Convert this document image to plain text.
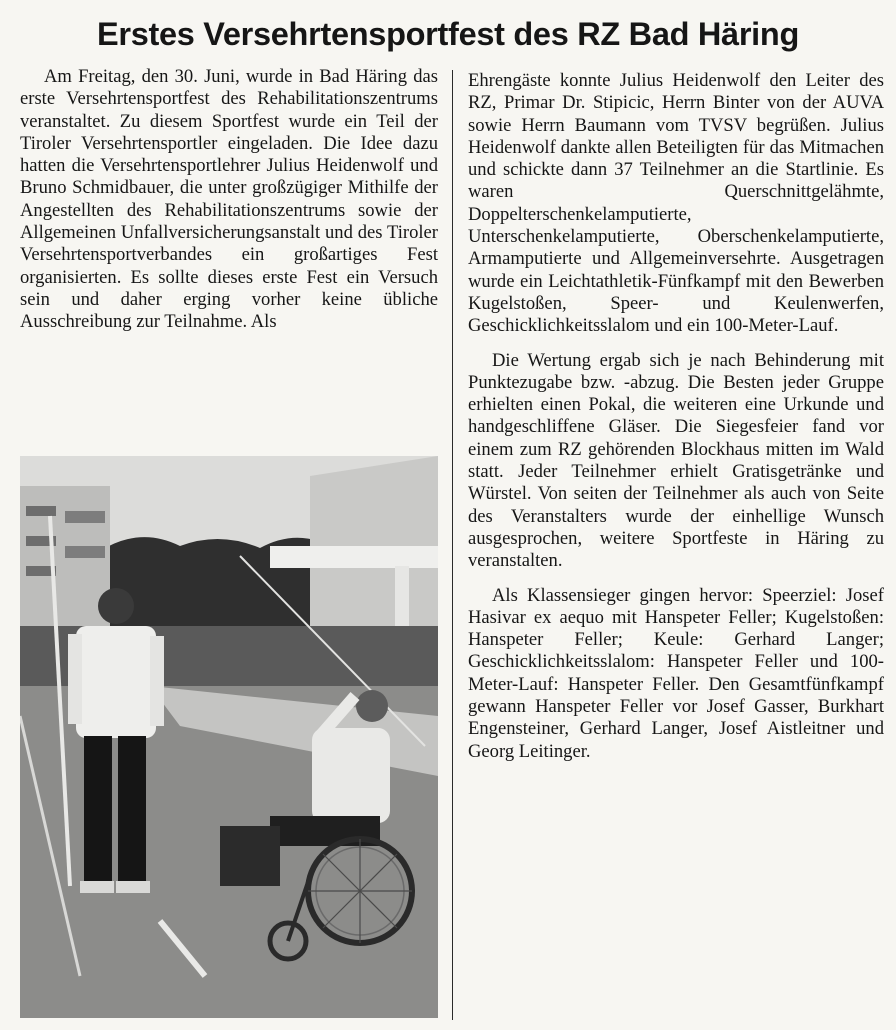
Erstes Versehrtensportfest des RZ Bad Häring

Am Freitag, den 30. Juni, wurde in Bad Häring das erste Versehrtensportfest des Rehabilitationszentrums veranstaltet. Zu diesem Sportfest wurde ein Teil der Tiroler Versehrtensportler eingeladen. Die Idee dazu hatten die Versehrtensportlehrer Julius Heidenwolf und Bruno Schmidbauer, die unter großzügiger Mithilfe der Angestellten des Rehabilitationszentrums sowie der Allgemeinen Unfallversicherungsanstalt und des Tiroler Versehrtensportverbandes ein großartiges Fest organisierten. Es sollte dieses erste Fest ein Versuch sein und daher erging vorher keine übliche Ausschreibung zur Teilnahme. Als

Ehrengäste konnte Julius Heidenwolf den Leiter des RZ, Primar Dr. Stipicic, Herrn Binter von der AUVA sowie Herrn Baumann vom TVSV begrüßen. Julius Heidenwolf dankte allen Beteiligten für das Mitmachen und schickte dann 37 Teilnehmer an die Startlinie. Es waren Querschnittgelähmte, Doppelterschenkelamputierte, Unterschenkelamputierte, Oberschenkelamputierte, Armamputierte und Allgemeinversehrte. Ausgetragen wurde ein Leichtathletik-Fünfkampf mit den Bewerben Kugelstoßen, Speer- und Keulenwerfen, Geschicklichkeitsslalom und ein 100-Meter-Lauf.

Die Wertung ergab sich je nach Behinderung mit Punktezugabe bzw. -abzug. Die Besten jeder Gruppe erhielten einen Pokal, die weiteren eine Urkunde und handgeschliffene Gläser. Die Siegesfeier fand vor einem zum RZ gehörenden Blockhaus mitten im Wald statt. Jeder Teilnehmer erhielt Gratisgetränke und Würstel. Von seiten der Teilnehmer als auch von Seite des Veranstalters wurde der einhellige Wunsch ausgesprochen, weitere Sportfeste in Häring zu veranstalten.

Als Klassensieger gingen hervor: Speerziel: Josef Hasivar ex aequo mit Hanspeter Feller; Kugelstoßen: Hanspeter Feller; Keule: Gerhard Langer; Geschicklichkeitsslalom: Hanspeter Feller und 100-Meter-Lauf: Hanspeter Feller. Den Gesamtfünfkampf gewann Hanspeter Feller vor Josef Gasser, Burkhart Engensteiner, Gerhard Langer, Josef Aistleitner und Georg Leitinger.
